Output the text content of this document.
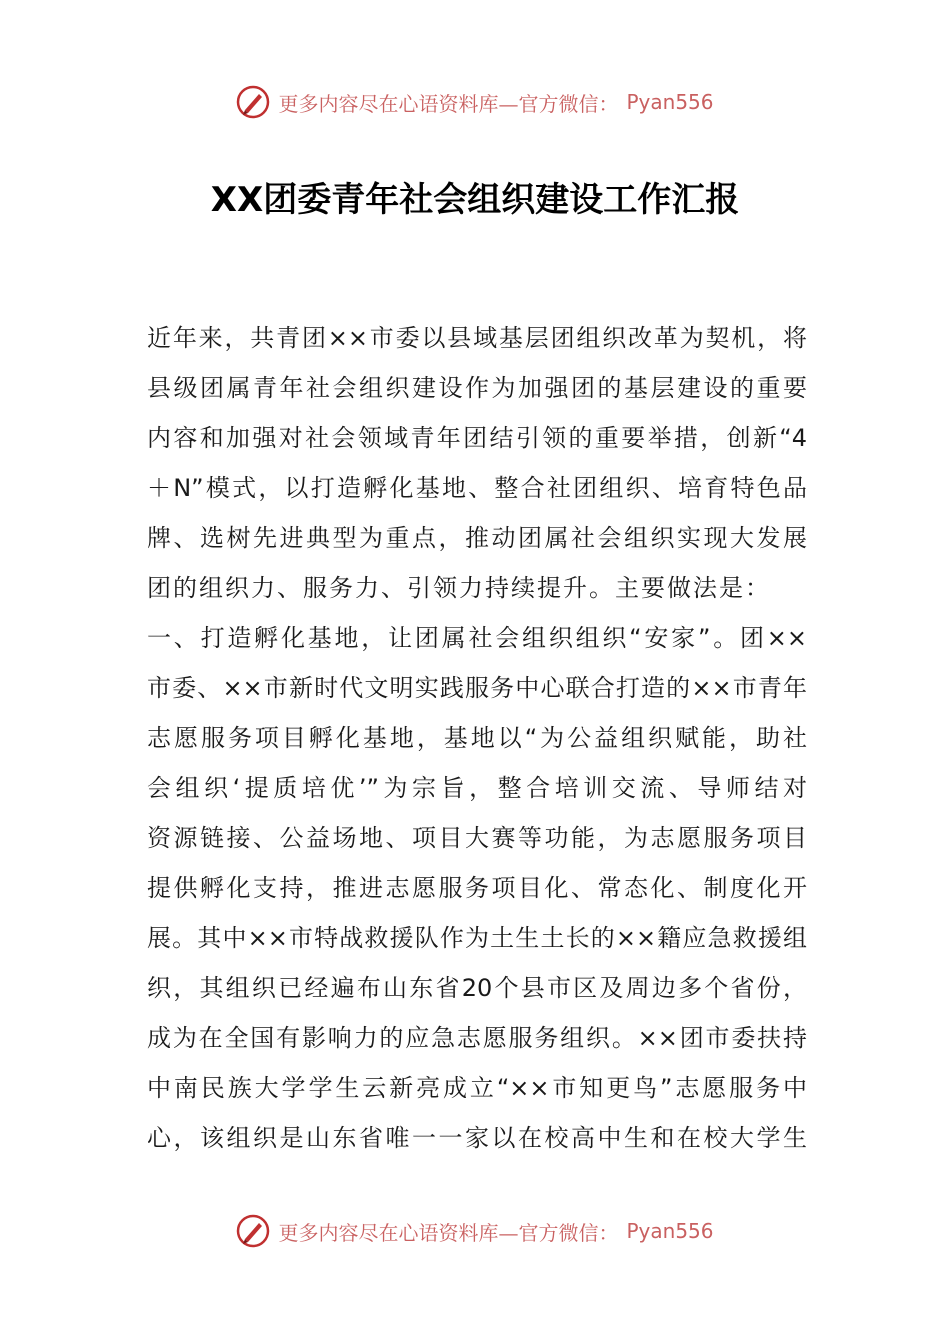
更多内容尽在心语资料库—官方微信： Pyan556
XX团委青年社会组织建设工作汇报
近年来，共青团××市委以县域基层团组织改革为契机，将
县级团属青年社会组织建设作为加强团的基层建设的重要
内容和加强对社会领域青年团结引领的重要举措，创新“4
＋N”模式，以打造孵化基地、整合社团组织、培育特色品
牌、选树先进典型为重点，推动团属社会组织实现大发展
团的组织力、服务力、引领力持续提升。主要做法是：
一、打造孵化基地，让团属社会组织组织“安家”。团××
市委、××市新时代文明实践服务中心联合打造的××市青年
志愿服务项目孵化基地，基地以“为公益组织赋能，助社
会组织‘提质培优’”为宗旨，整合培训交流、导师结对
资源链接、公益场地、项目大赛等功能，为志愿服务项目
提供孵化支持，推进志愿服务项目化、常态化、制度化开
展。其中××市特战救援队作为土生土长的××籍应急救援组
织，其组织已经遍布山东省20个县市区及周边多个省份，
成为在全国有影响力的应急志愿服务组织。××团市委扶持
中南民族大学学生云新亮成立“××市知更鸟”志愿服务中
心，该组织是山东省唯一一家以在校高中生和在校大学生
更多内容尽在心语资料库—官方微信： Pyan556
